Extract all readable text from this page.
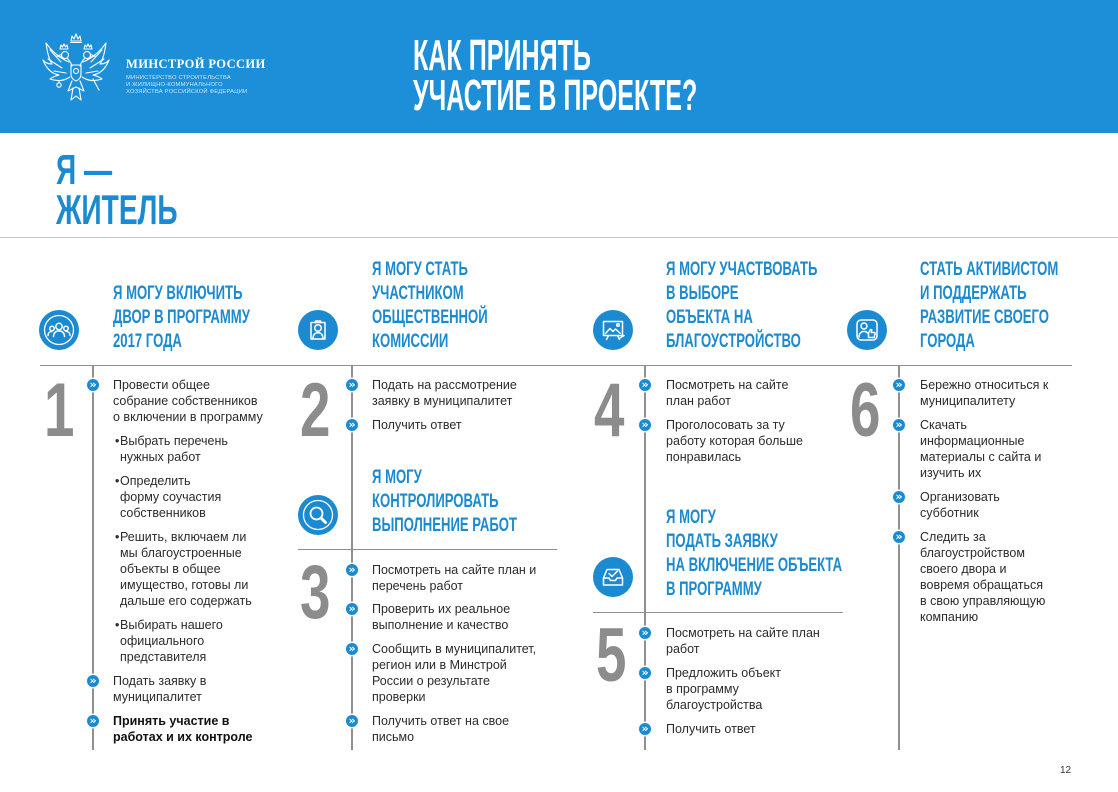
МИНСТРОЙ РОССИИ
МИНИСТЕРСТВО СТРОИТЕЛЬСТВА
И ЖИЛИЩНО-КОММУНАЛЬНОГО
ХОЗЯЙСТВА РОССИЙСКОЙ ФЕДЕРАЦИИ
КАК ПРИНЯТЬ
УЧАСТИЕ В ПРОЕКТЕ?
Я —
ЖИТЕЛЬ
Я МОГУ ВКЛЮЧИТЬ
ДВОР В ПРОГРАММУ
2017 ГОДА
1 »
»
»	Провести общее
собрание собственников
о включении в программу
• Выбрать перечень
нужных работ
• Определить
форму соучастия
собственников
• Решить, включаем ли
мы благоустроенные
объекты в общее
имущество, готовы ли
дальше его содержать
• Выбирать нашего
официального
представителя
Подать заявку в
муниципалитет
Принять участие в
работах и их контроле
Я МОГУ СТАТЬ
УЧАСТНИКОМ
ОБЩЕСТВЕННОЙ
КОМИССИИ
2 »
»	Подать на рассмотрение
заявку в муниципалитет
Получить ответ
Я МОГУ
КОНТРОЛИРОВАТЬ
ВЫПОЛНЕНИЕ РАБОТ
3 »
»
»
»	Посмотреть на сайте план и
перечень работ
Проверить их реальное
выполнение и качество
Сообщить в муниципалитет,
регион или в Минстрой
России о результате
проверки
Получить ответ на свое
письмо
Я МОГУ УЧАСТВОВАТЬ
В ВЫБОРЕ
ОБЪЕКТА НА
БЛАГОУСТРОЙСТВО
4 »
»	Посмотреть на сайте
план работ
Проголосовать за ту
работу которая больше
понравилась
Я МОГУ
ПОДАТЬ ЗАЯВКУ
НА ВКЛЮЧЕНИЕ ОБЪЕКТА
В ПРОГРАММУ
5 »
»
»	Посмотреть на сайте план
работ
Предложить объект
в программу
благоустройства
Получить ответ
СТАТЬ АКТИВИСТОМ
И ПОДДЕРЖАТЬ
РАЗВИТИЕ СВОЕГО
ГОРОДА
6 »
»
»
»	Бережно относиться к
муниципалитету
Скачать
информационные
материалы с сайта и
изучить их
Организовать
субботник
Следить за
благоустройством
своего двора и
вовремя обращаться
в свою управляющую
компанию
12
